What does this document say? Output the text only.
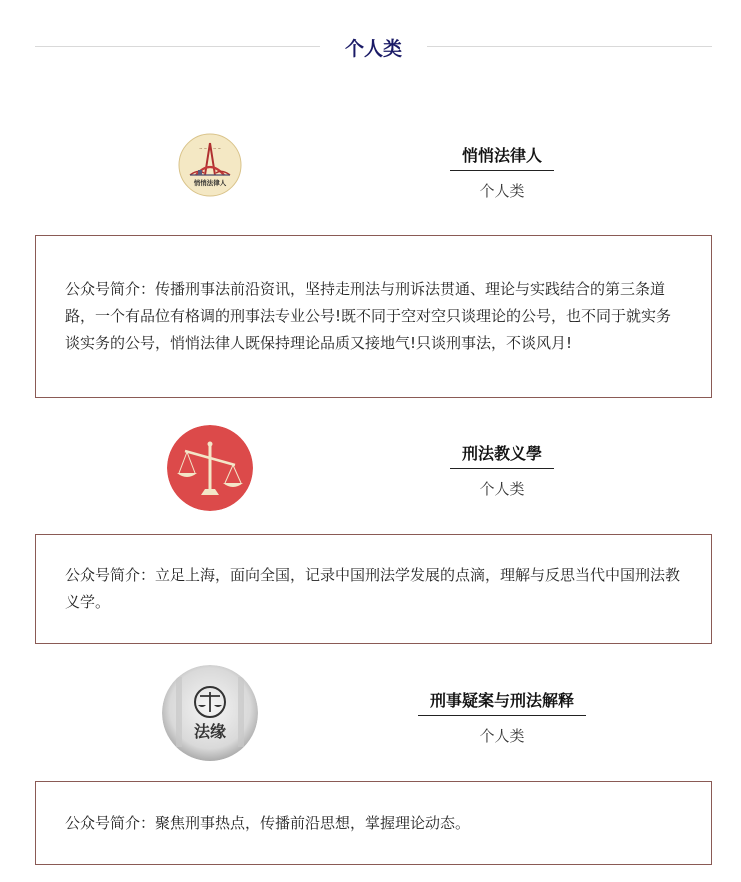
个人类
~ ~ ~ ~ ~
悄悄法律人
悄悄法律人
个人类
公众号简介：传播刑事法前沿资讯，坚持走刑法与刑诉法贯通、理论与实践结合的第三条道路，一个有品位有格调的刑事法专业公号!既不同于空对空只谈理论的公号，也不同于就实务谈实务的公号，悄悄法律人既保持理论品质又接地气!只谈刑事法，不谈风月!
刑法教义學
个人类
公众号简介：立足上海，面向全国，记录中国刑法学发展的点滴，理解与反思当代中国刑法教义学。
法缘
刑事疑案与刑法解释
个人类
公众号简介：聚焦刑事热点，传播前沿思想，掌握理论动态。
